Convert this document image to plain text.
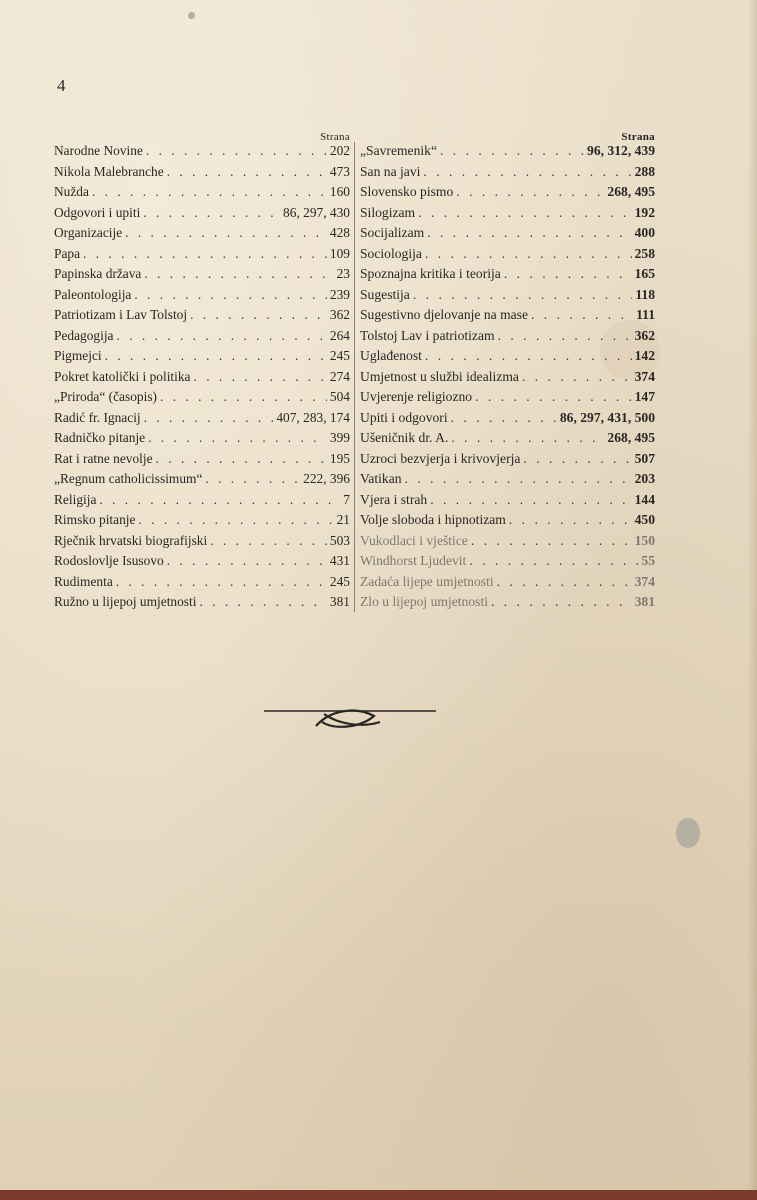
4
Strana
Narodne Novine . . .	202
Nikola Malebranche . . .	473
Nužda . . .	160
Odgovori i upiti . . .	86, 297, 430
Organizacije . . .	428
Papa . . .	109
Papinska država . . .	23
Paleontologija . . .	239
Patriotizam i Lav Tolstoj . . .	362
Pedagogija . . .	264
Pigmejci . . .	245
Pokret katolički i politika . . .	274
„Priroda“ (časopis) . . .	504
Radić fr. Ignacij . . .	407, 283, 174
Radničko pitanje . . .	399
Rat i ratne nevolje . . .	195
„Regnum catholicissimum“ . . .	222, 396
Religija . . .	7
Rimsko pitanje . . .	21
Rječnik hrvatski biografijski . . .	503
Rodoslovlje Isusovo . . .	431
Rudimenta . . .	245
Ružno u lijepoj umjetnosti . . .	381
Strana
„Savremenik“ . . .	96, 312, 439
San na javi . . .	288
Slovensko pismo . . .	268, 495
Silogizam . . .	192
Socijalizam . . .	400
Sociologija . . .	258
Spoznajna kritika i teorija . . .	165
Sugestija . . .	118
Sugestivno djelovanje na mase . . .	111
Tolstoj Lav i patriotizam . . .	362
Uglađenost . . .	142
Umjetnost u službi idealizma . . .	374
Uvjerenje religiozno . . .	147
Upiti i odgovori . . .	86, 297, 431, 500
Ušeničnik dr. A. . . .	268, 495
Uzroci bezvjerja i krivovjerja . . .	507
Vatikan . . .	203
Vjera i strah . . .	144
Volje sloboda i hipnotizam . . .	450
Vukodlaci i vještice . . .	150
Windhorst Ljudevit . . .	55
Zadaća lijepe umjetnosti . . .	374
Zlo u lijepoj umjetnosti . . .	381
